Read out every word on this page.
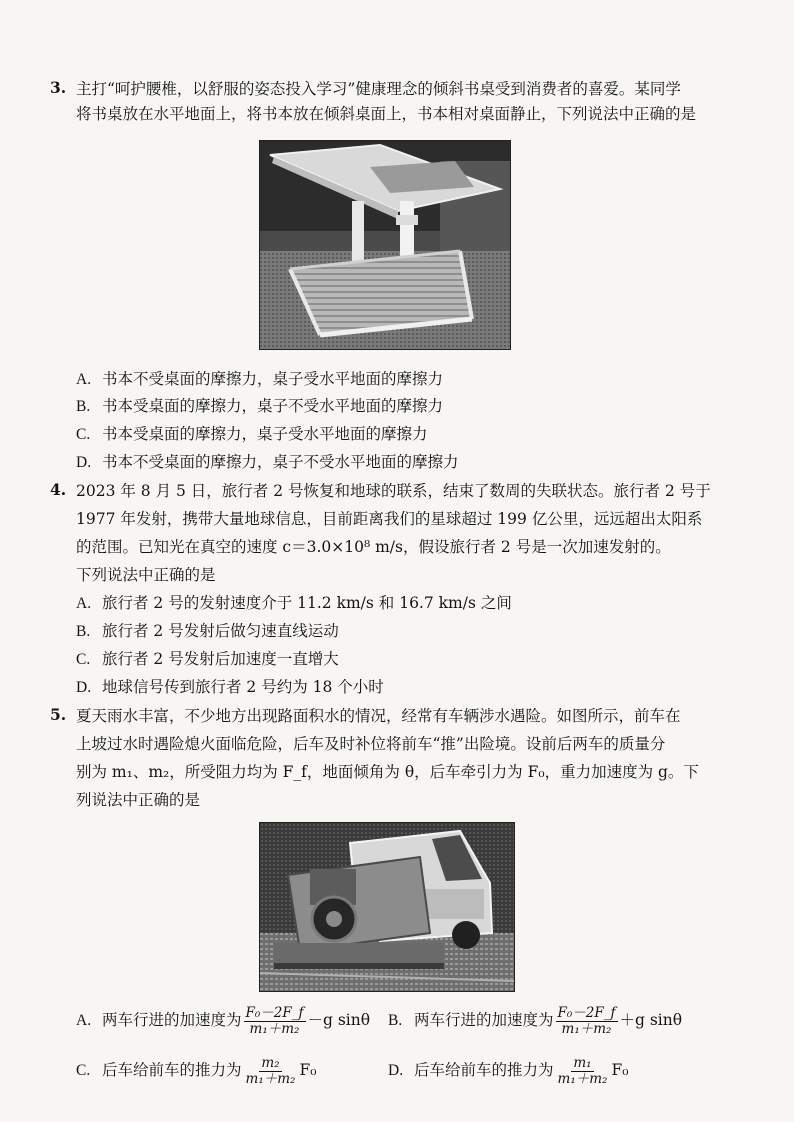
3. 主打“呵护腰椎，以舒服的姿态投入学习”健康理念的倾斜书桌受到消费者的喜爱。某同学
将书桌放在水平地面上，将书本放在倾斜桌面上，书本相对桌面静止，下列说法中正确的是
A. 书本不受桌面的摩擦力，桌子受水平地面的摩擦力
B. 书本受桌面的摩擦力，桌子不受水平地面的摩擦力
C. 书本受桌面的摩擦力，桌子受水平地面的摩擦力
D. 书本不受桌面的摩擦力，桌子不受水平地面的摩擦力
4. 2023 年 8 月 5 日，旅行者 2 号恢复和地球的联系，结束了数周的失联状态。旅行者 2 号于
1977 年发射，携带大量地球信息，目前距离我们的星球超过 199 亿公里，远远超出太阳系
的范围。已知光在真空的速度 c＝3.0×10⁸ m/s，假设旅行者 2 号是一次加速发射的。
下列说法中正确的是
A. 旅行者 2 号的发射速度介于 11.2 km/s 和 16.7 km/s 之间
B. 旅行者 2 号发射后做匀速直线运动
C. 旅行者 2 号发射后加速度一直增大
D. 地球信号传到旅行者 2 号约为 18 个小时
5. 夏天雨水丰富，不少地方出现路面积水的情况，经常有车辆涉水遇险。如图所示，前车在
上坡过水时遇险熄火面临危险，后车及时补位将前车“推”出险境。设前后两车的质量分
别为 m₁、m₂，所受阻力均为 F_f，地面倾角为 θ，后车牵引力为 F₀，重力加速度为 g。下
列说法中正确的是
A. 两车行进的加速度为 $\frac{\text{F₀－2F\_f}}{\text{m₁＋m₂}} -g$ sinθ B. 两车行进的加速度为 $\frac{\text{F₀－2F\_f}}{\text{m₁＋m₂}} +g$ sinθ
C. 后车给前车的推力为 $\frac{\text{m₂}}{\text{m₁＋m₂}} F_0$	D. 后车给前车的推力为 $\frac{\text{m₁}}{\text{m₁＋m₂}} F_0$
